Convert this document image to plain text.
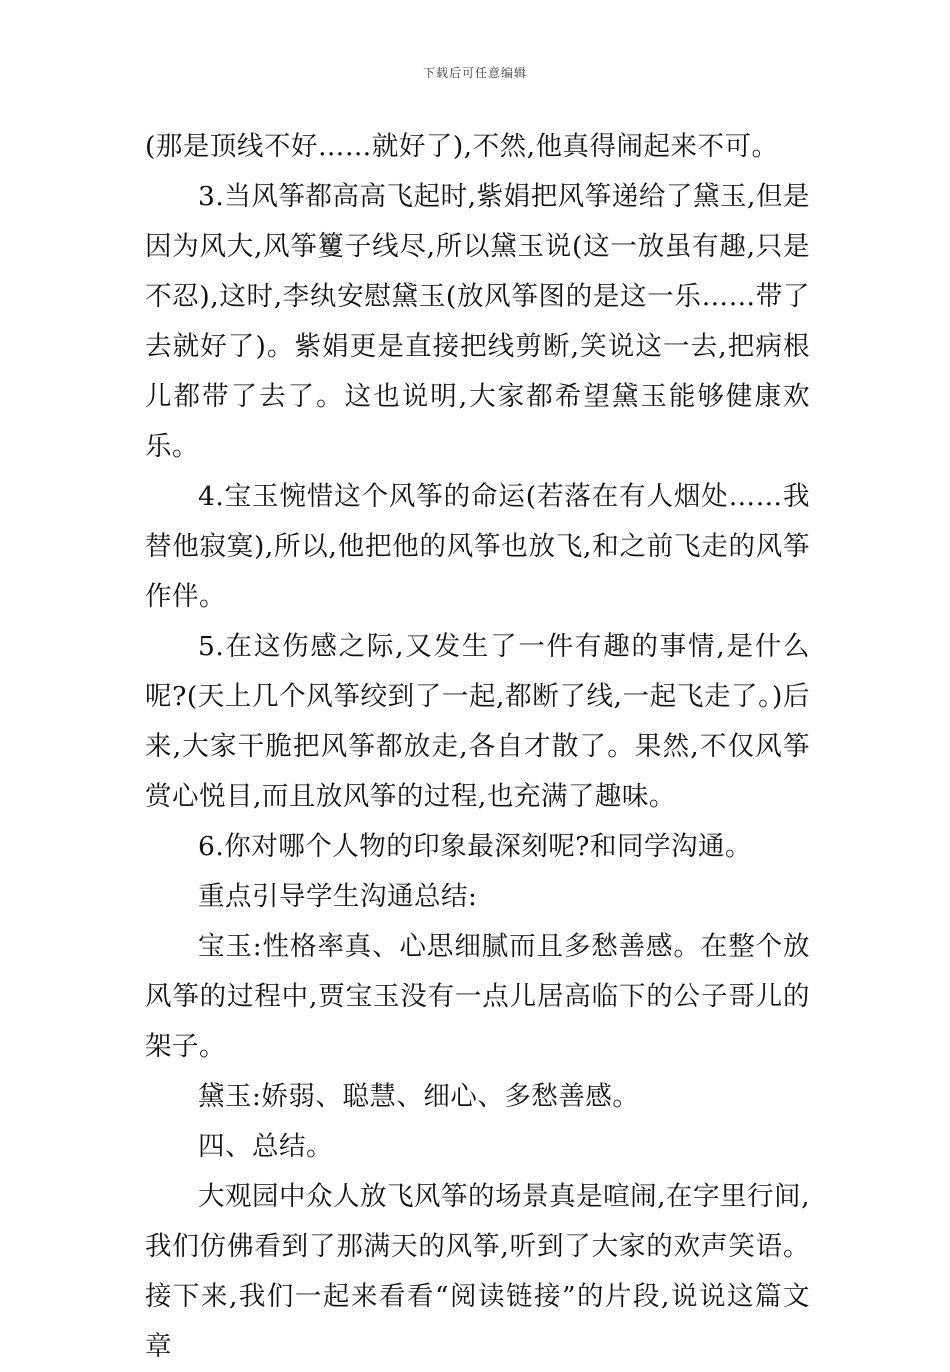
下载后可任意编辑

(那是顶线不好……就好了),不然,他真得闹起来不可。

3.当风筝都高高飞起时,紫娟把风筝递给了黛玉,但是因为风大,风筝籰子线尽,所以黛玉说(这一放虽有趣,只是不忍),这时,李纨安慰黛玉(放风筝图的是这一乐……带了去就好了)。紫娟更是直接把线剪断,笑说这一去,把病根儿都带了去了。这也说明,大家都希望黛玉能够健康欢乐。

4.宝玉惋惜这个风筝的命运(若落在有人烟处……我替他寂寞),所以,他把他的风筝也放飞,和之前飞走的风筝作伴。

5.在这伤感之际,又发生了一件有趣的事情,是什么呢?(天上几个风筝绞到了一起,都断了线,一起飞走了。)后来,大家干脆把风筝都放走,各自才散了。果然,不仅风筝赏心悦目,而且放风筝的过程,也充满了趣味。

6.你对哪个人物的印象最深刻呢?和同学沟通。

重点引导学生沟通总结:

宝玉:性格率真、心思细腻而且多愁善感。在整个放风筝的过程中,贾宝玉没有一点儿居高临下的公子哥儿的架子。

黛玉:娇弱、聪慧、细心、多愁善感。

四、总结。

大观园中众人放飞风筝的场景真是喧闹,在字里行间,我们仿佛看到了那满天的风筝,听到了大家的欢声笑语。接下来,我们一起来看看“阅读链接”的片段,说说这篇文章
